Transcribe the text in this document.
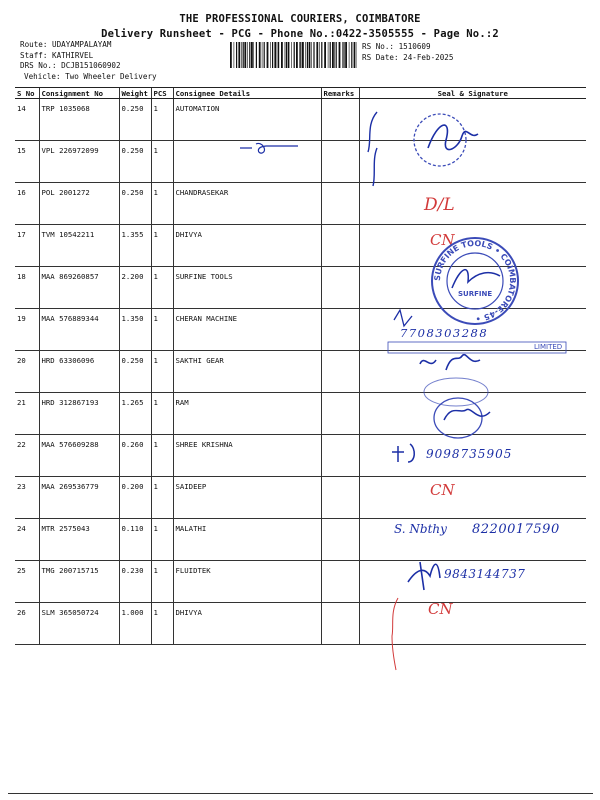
THE PROFESSIONAL COURIERS, COIMBATORE
Delivery Runsheet - PCG - Phone No.:0422-3505555 - Page No.:2
Route: UDAYAMPALAYAM
Staff: KATHIRVEL
DRS No.: DCJB151060902
Vehicle: Two Wheeler Delivery
RS No.: 1510609
RS Date: 24-Feb-2025
S No	Consignment No	Weight	PCS	Consignee Details	Remarks	Seal & Signature
14	TRP 1035068	0.250	1	AUTOMATION		
15	VPL 226972099	0.250	1			
16	POL 2001272	0.250	1	CHANDRASEKAR		
17	TVM 10542211	1.355	1	DHIVYA		
18	MAA 869260857	2.200	1	SURFINE TOOLS		
19	MAA 576889344	1.350	1	CHERAN MACHINE		
20	HRD 63306096	0.250	1	SAKTHI GEAR		
21	HRD 312867193	1.265	1	RAM		
22	MAA 576609288	0.260	1	SHREE KRISHNA		
23	MAA 269536779	0.200	1	SAIDEEP		
24	MTR 2575043	0.110	1	MALATHI		
25	TMG 200715715	0.230	1	FLUIDTEK		
26	SLM 365050724	1.000	1	DHIVYA		
D/L
CN
SURFINE TOOLS • COIMBATORE-45 •
SURFINE
7708303288
LIMITED
9098735905
CN
S. Nbthy 8220017590
9843144737
CN
